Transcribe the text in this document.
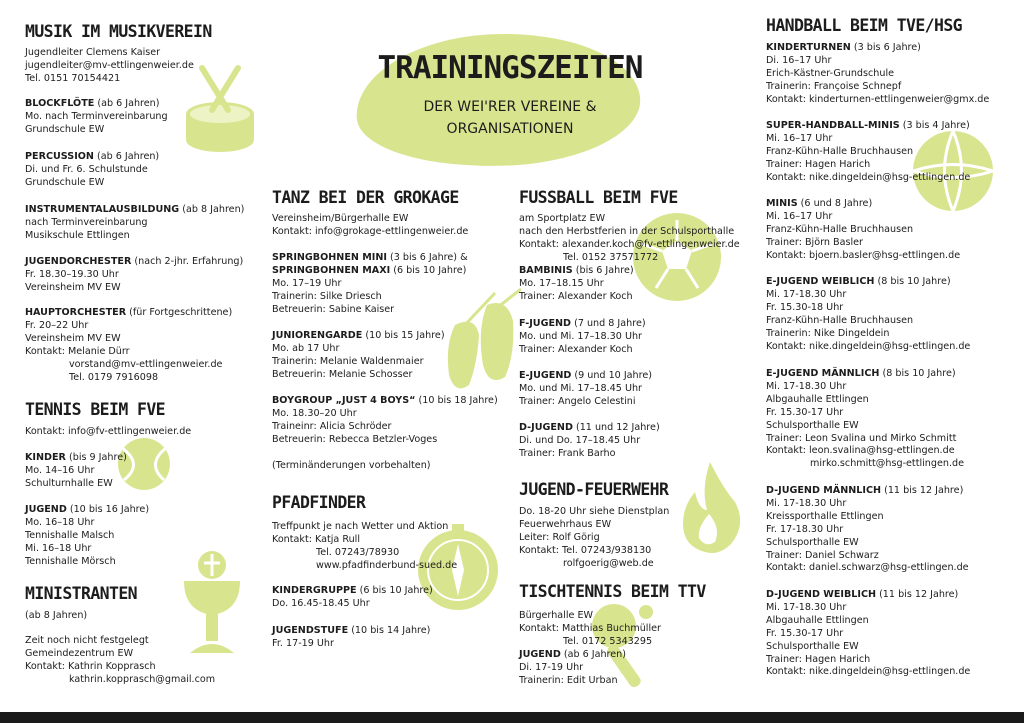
TRAININGSZEITEN
DER WEI'RER VEREINE &
ORGANISATIONEN
MUSIK IM MUSIKVEREIN
Jugendleiter Clemens Kaiser
jugendleiter@mv-ettlingenweier.de
Tel. 0151 70154421
BLOCKFLÖTE (ab 6 Jahren)
Mo. nach Terminvereinbarung
Grundschule EW
PERCUSSION (ab 6 Jahren)
Di. und Fr. 6. Schulstunde
Grundschule EW
INSTRUMENTALAUSBILDUNG (ab 8 Jahren)
nach Terminvereinbarung
Musikschule Ettlingen
JUGENDORCHESTER (nach 2-jhr. Erfahrung)
Fr. 18.30–19.30 Uhr
Vereinsheim MV EW
HAUPTORCHESTER (für Fortgeschrittene)
Fr. 20–22 Uhr
Vereinsheim MV EW
Kontakt: Melanie Dürr
vorstand@mv-ettlingenweier.de
Tel. 0179 7916098
TENNIS BEIM FVE
Kontakt: info@fv-ettlingenweier.de
KINDER (bis 9 Jahre)
Mo. 14–16 Uhr
Schulturnhalle EW
JUGEND (10 bis 16 Jahre)
Mo. 16–18 Uhr
Tennishalle Malsch
Mi. 16–18 Uhr
Tennishalle Mörsch
MINISTRANTEN
(ab 8 Jahren)
Zeit noch nicht festgelegt
Gemeindezentrum EW
Kontakt: Kathrin Kopprasch
kathrin.kopprasch@gmail.com
TANZ BEI DER GROKAGE
Vereinsheim/Bürgerhalle EW
Kontakt: info@grokage-ettlingenweier.de
SPRINGBOHNEN MINI (3 bis 6 Jahre) &
SPRINGBOHNEN MAXI (6 bis 10 Jahre)
Mo. 17–19 Uhr
Trainerin: Silke Driesch
Betreuerin: Sabine Kaiser
JUNIORENGARDE (10 bis 15 Jahre)
Mo. ab 17 Uhr
Trainerin: Melanie Waldenmaier
Betreuerin: Melanie Schosser
BOYGROUP „JUST 4 BOYS“ (10 bis 18 Jahre)
Mo. 18.30–20 Uhr
Traineinr: Alicia Schröder
Betreuerin: Rebecca Betzler-Voges
(Terminänderungen vorbehalten)
PFADFINDER
Treffpunkt je nach Wetter und Aktion
Kontakt: Katja Rull
Tel. 07243/78930
www.pfadfinderbund-sued.de
KINDERGRUPPE (6 bis 10 Jahre)
Do. 16.45-18.45 Uhr
JUGENDSTUFE (10 bis 14 Jahre)
Fr. 17-19 Uhr
FUSSBALL BEIM FVE
am Sportplatz EW
nach den Herbstferien in der Schulsporthalle
Kontakt: alexander.koch@fv-ettlingenweier.de
Tel. 0152 37571772
BAMBINIS (bis 6 Jahre)
Mo. 17–18.15 Uhr
Trainer: Alexander Koch
F-JUGEND (7 und 8 Jahre)
Mo. und Mi. 17–18.30 Uhr
Trainer: Alexander Koch
E-JUGEND (9 und 10 Jahre)
Mo. und Mi. 17–18.45 Uhr
Trainer: Angelo Celestini
D-JUGEND (11 und 12 Jahre)
Di. und Do. 17–18.45 Uhr
Trainer: Frank Barho
JUGEND-FEUERWEHR
Do. 18-20 Uhr siehe Dienstplan
Feuerwehrhaus EW
Leiter: Rolf Görig
Kontakt: Tel. 07243/938130
rolfgoerig@web.de
TISCHTENNIS BEIM TTV
Bürgerhalle EW
Kontakt: Matthias Buchmüller
Tel. 0172 5343295
JUGEND (ab 6 Jahren)
Di. 17-19 Uhr
Trainerin: Edit Urban
HANDBALL BEIM TVE/HSG
KINDERTURNEN (3 bis 6 Jahre)
Di. 16–17 Uhr
Erich-Kästner-Grundschule
Trainerin: Françoise Schnepf
Kontakt: kinderturnen-ettlingenweier@gmx.de
SUPER-HANDBALL-MINIS (3 bis 4 Jahre)
Mi. 16–17 Uhr
Franz-Kühn-Halle Bruchhausen
Trainer: Hagen Harich
Kontakt: nike.dingeldein@hsg-ettlingen.de
MINIS (6 und 8 Jahre)
Mi. 16–17 Uhr
Franz-Kühn-Halle Bruchhausen
Trainer: Björn Basler
Kontakt: bjoern.basler@hsg-ettlingen.de
E-JUGEND WEIBLICH (8 bis 10 Jahre)
Mi. 17-18.30 Uhr
Fr. 15.30-18 Uhr
Franz-Kühn-Halle Bruchhausen
Trainerin: Nike Dingeldein
Kontakt: nike.dingeldein@hsg-ettlingen.de
E-JUGEND MÄNNLICH (8 bis 10 Jahre)
Mi. 17-18.30 Uhr
Albgauhalle Ettlingen
Fr. 15.30-17 Uhr
Schulsporthalle EW
Trainer: Leon Svalina und Mirko Schmitt
Kontakt: leon.svalina@hsg-ettlingen.de
mirko.schmitt@hsg-ettlingen.de
D-JUGEND MÄNNLICH (11 bis 12 Jahre)
Mi. 17-18.30 Uhr
Kreissporthalle Ettlingen
Fr. 17-18.30 Uhr
Schulsporthalle EW
Trainer: Daniel Schwarz
Kontakt: daniel.schwarz@hsg-ettlingen.de
D-JUGEND WEIBLICH (11 bis 12 Jahre)
Mi. 17-18.30 Uhr
Albgauhalle Ettlingen
Fr. 15.30-17 Uhr
Schulsporthalle EW
Trainer: Hagen Harich
Kontakt: nike.dingeldein@hsg-ettlingen.de
